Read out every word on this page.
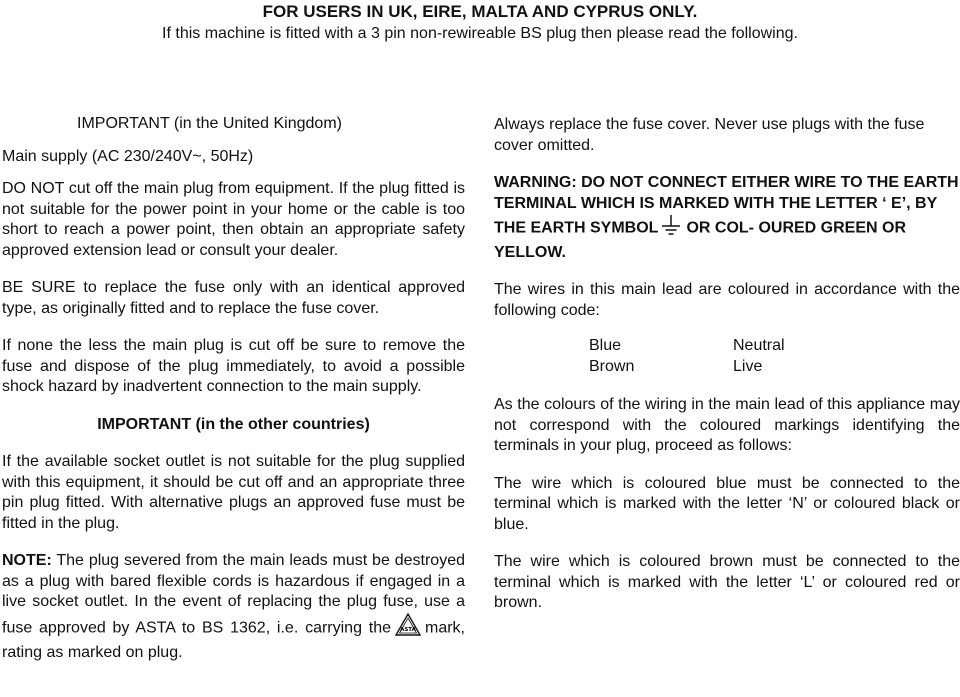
FOR USERS IN UK, EIRE, MALTA AND CYPRUS ONLY.
If this machine is fitted with a 3 pin non-rewireable BS plug then please read the following.

IMPORTANT (in the United Kingdom)

Main supply (AC 230/240V~, 50Hz)

DO NOT cut off the main plug from equipment. If the plug fitted is not suitable for the power point in your home or the cable is too short to reach a power point, then obtain an appropriate safety approved extension lead or consult your dealer.

BE SURE to replace the fuse only with an identical approved type, as originally fitted and to replace the fuse cover.

If none the less the main plug is cut off be sure to remove the fuse and dispose of the plug immediately, to avoid a possible shock hazard by inadvertent connection to the main supply.

IMPORTANT (in the other countries)

If the available socket outlet is not suitable for the plug supplied with this equipment, it should be cut off and an appropriate three pin plug fitted. With alternative plugs an approved fuse must be fitted in the plug.

NOTE: The plug severed from the main leads must be destroyed as a plug with bared flexible cords is hazardous if engaged in a live socket outlet. In the event of replacing the plug fuse, use a fuse approved by ASTA to BS 1362, i.e. carrying the ASTA mark, rating as marked on plug.

Always replace the fuse cover. Never use plugs with the fuse cover omitted.

WARNING: DO NOT CONNECT EITHER WIRE TO THE EARTH TERMINAL WHICH IS MARKED WITH THE LETTER ‘ E’, BY THE EARTH SYMBOL OR COL- OURED GREEN OR YELLOW.

The wires in this main lead are coloured in accordance with the following code:

Blue	Neutral
Brown	Live

As the colours of the wiring in the main lead of this appliance may not correspond with the coloured markings identifying the terminals in your plug, proceed as follows:

The wire which is coloured blue must be connected to the terminal which is marked with the letter ‘N’ or coloured black or blue.

The wire which is coloured brown must be connected to the terminal which is marked with the letter ‘L’ or coloured red or brown.
